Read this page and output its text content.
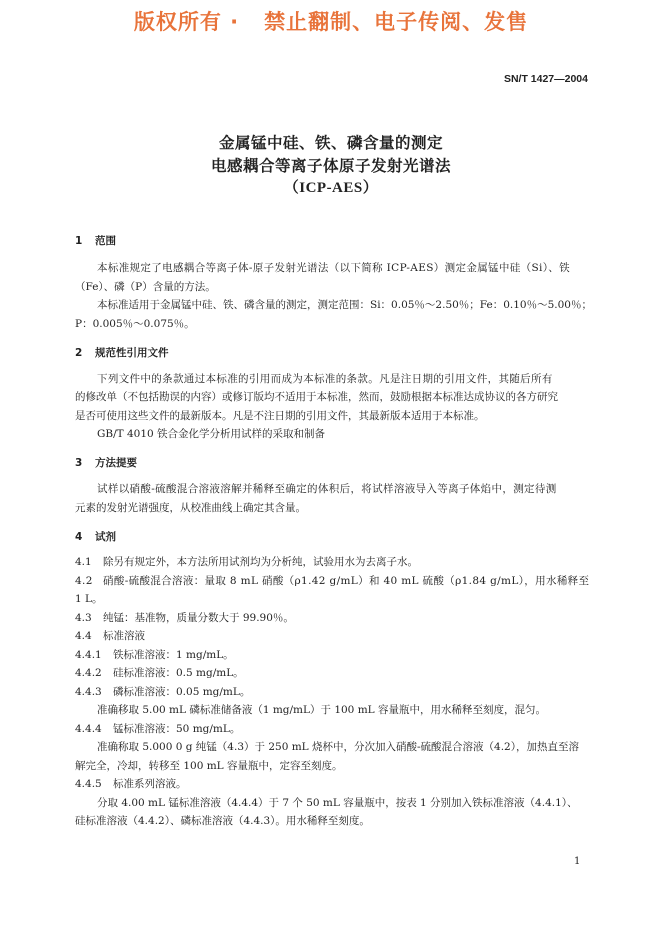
版权所有 ·   禁止翻制、电子传阅、发售
SN/T 1427—2004
金属锰中硅、铁、磷含量的测定
电感耦合等离子体原子发射光谱法
（ICP-AES）
1 范围
本标准规定了电感耦合等离子体-原子发射光谱法（以下简称 ICP-AES）测定金属锰中硅（Si）、铁
（Fe）、磷（P）含量的方法。
本标准适用于金属锰中硅、铁、磷含量的测定，测定范围：Si：0.05％～2.50％；Fe：0.10％～5.00％；
P：0.005％～0.075％。
2 规范性引用文件
下列文件中的条款通过本标准的引用而成为本标准的条款。凡是注日期的引用文件，其随后所有
的修改单（不包括勘误的内容）或修订版均不适用于本标准，然而，鼓励根据本标准达成协议的各方研究
是否可使用这些文件的最新版本。凡是不注日期的引用文件，其最新版本适用于本标准。
GB/T 4010 铁合金化学分析用试样的采取和制备
3 方法提要
试样以硝酸-硫酸混合溶液溶解并稀释至确定的体积后，将试样溶液导入等离子体焰中，测定待测
元素的发射光谱强度，从校准曲线上确定其含量。
4 试剂
4.1 除另有规定外，本方法所用试剂均为分析纯，试验用水为去离子水。
4.2 硝酸-硫酸混合溶液：量取 8 mL 硝酸（ρ1.42 g/mL）和 40 mL 硫酸（ρ1.84 g/mL），用水稀释至
1 L。
4.3 纯锰：基准物，质量分数大于 99.90％。
4.4 标准溶液
4.4.1 铁标准溶液：1 mg/mL。
4.4.2 硅标准溶液：0.5 mg/mL。
4.4.3 磷标准溶液：0.05 mg/mL。
准确移取 5.00 mL 磷标准储备液（1 mg/mL）于 100 mL 容量瓶中，用水稀释至刻度，混匀。
4.4.4 锰标准溶液：50 mg/mL。
准确称取 5.000 0 g 纯锰（4.3）于 250 mL 烧杯中，分次加入硝酸-硫酸混合溶液（4.2），加热直至溶
解完全，冷却，转移至 100 mL 容量瓶中，定容至刻度。
4.4.5 标准系列溶液。
分取 4.00 mL 锰标准溶液（4.4.4）于 7 个 50 mL 容量瓶中，按表 1 分别加入铁标准溶液（4.4.1）、
硅标准溶液（4.4.2）、磷标准溶液（4.4.3）。用水稀释至刻度。
1
